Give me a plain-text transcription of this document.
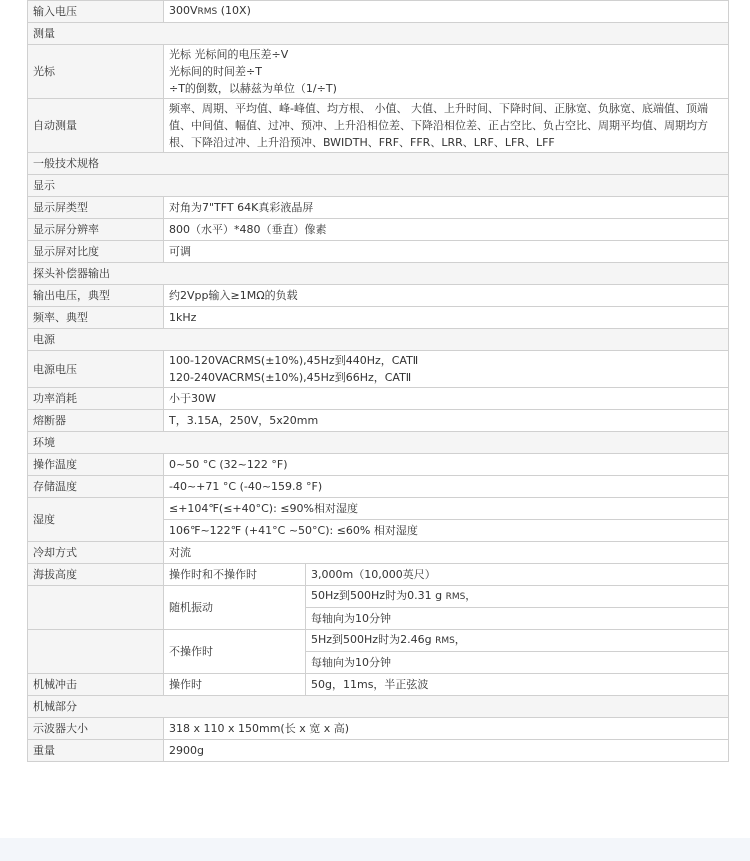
输入电压	300VRMS (10X)	
测量		
光标	光标 光标间的电压差÷V
光标间的时间差÷T
÷T的倒数，以赫兹为单位（1/÷T)	

自动测量	频率、周期、平均值、峰-峰值、均方根、 小值、 大值、上升时间、下降时间、正脉宽、负脉宽、底端值、顶端值、中间值、幅值、过冲、预冲、上升沿相位差、下降沿相位差、正占空比、负占空比、周期平均值、周期均方根、下降沿过冲、上升沿预冲、BWIDTH、FRF、FFR、LRR、LRF、LFR、LFF	
一般技术规格		
显示		
显示屏类型	对角为7"TFT 64K真彩液晶屏	
显示屏分辨率	800（水平）*480（垂直）像素	
显示屏对比度	可调	
探头补偿器输出		
输出电压，典型	约2Vpp输入≥1MΩ的负载	
频率、典型	1kHz	
电源		
电源电压	100-120VACRMS(±10%),45Hz到440Hz，CATⅡ
120-240VACRMS(±10%),45Hz到66Hz，CATⅡ	

功率消耗	小于30W	
熔断器	T，3.15A，250V，5x20mm	
环境		
操作温度	0~50 °C (32~122 °F)	
存储温度	-40~+71 °C (-40~159.8 °F)	
湿度	≤+104℉(≤+40°C): ≤90%相对湿度	
	106℉~122℉ (+41°C ~50°C): ≤60% 相对湿度	
冷却方式	对流	
海拔高度	操作时和不操作时	3,000m（10,000英尺）
	随机振动	50Hz到500Hz时为0.31 g RMS，
		每轴向为10分钟
	不操作时	5Hz到500Hz时为2.46g RMS，
		每轴向为10分钟
机械冲击	操作时	50g，11ms，半正弦波
机械部分		
示波器大小	318 x 110 x 150mm(长 x 宽 x 高)	
重量	2900g	
